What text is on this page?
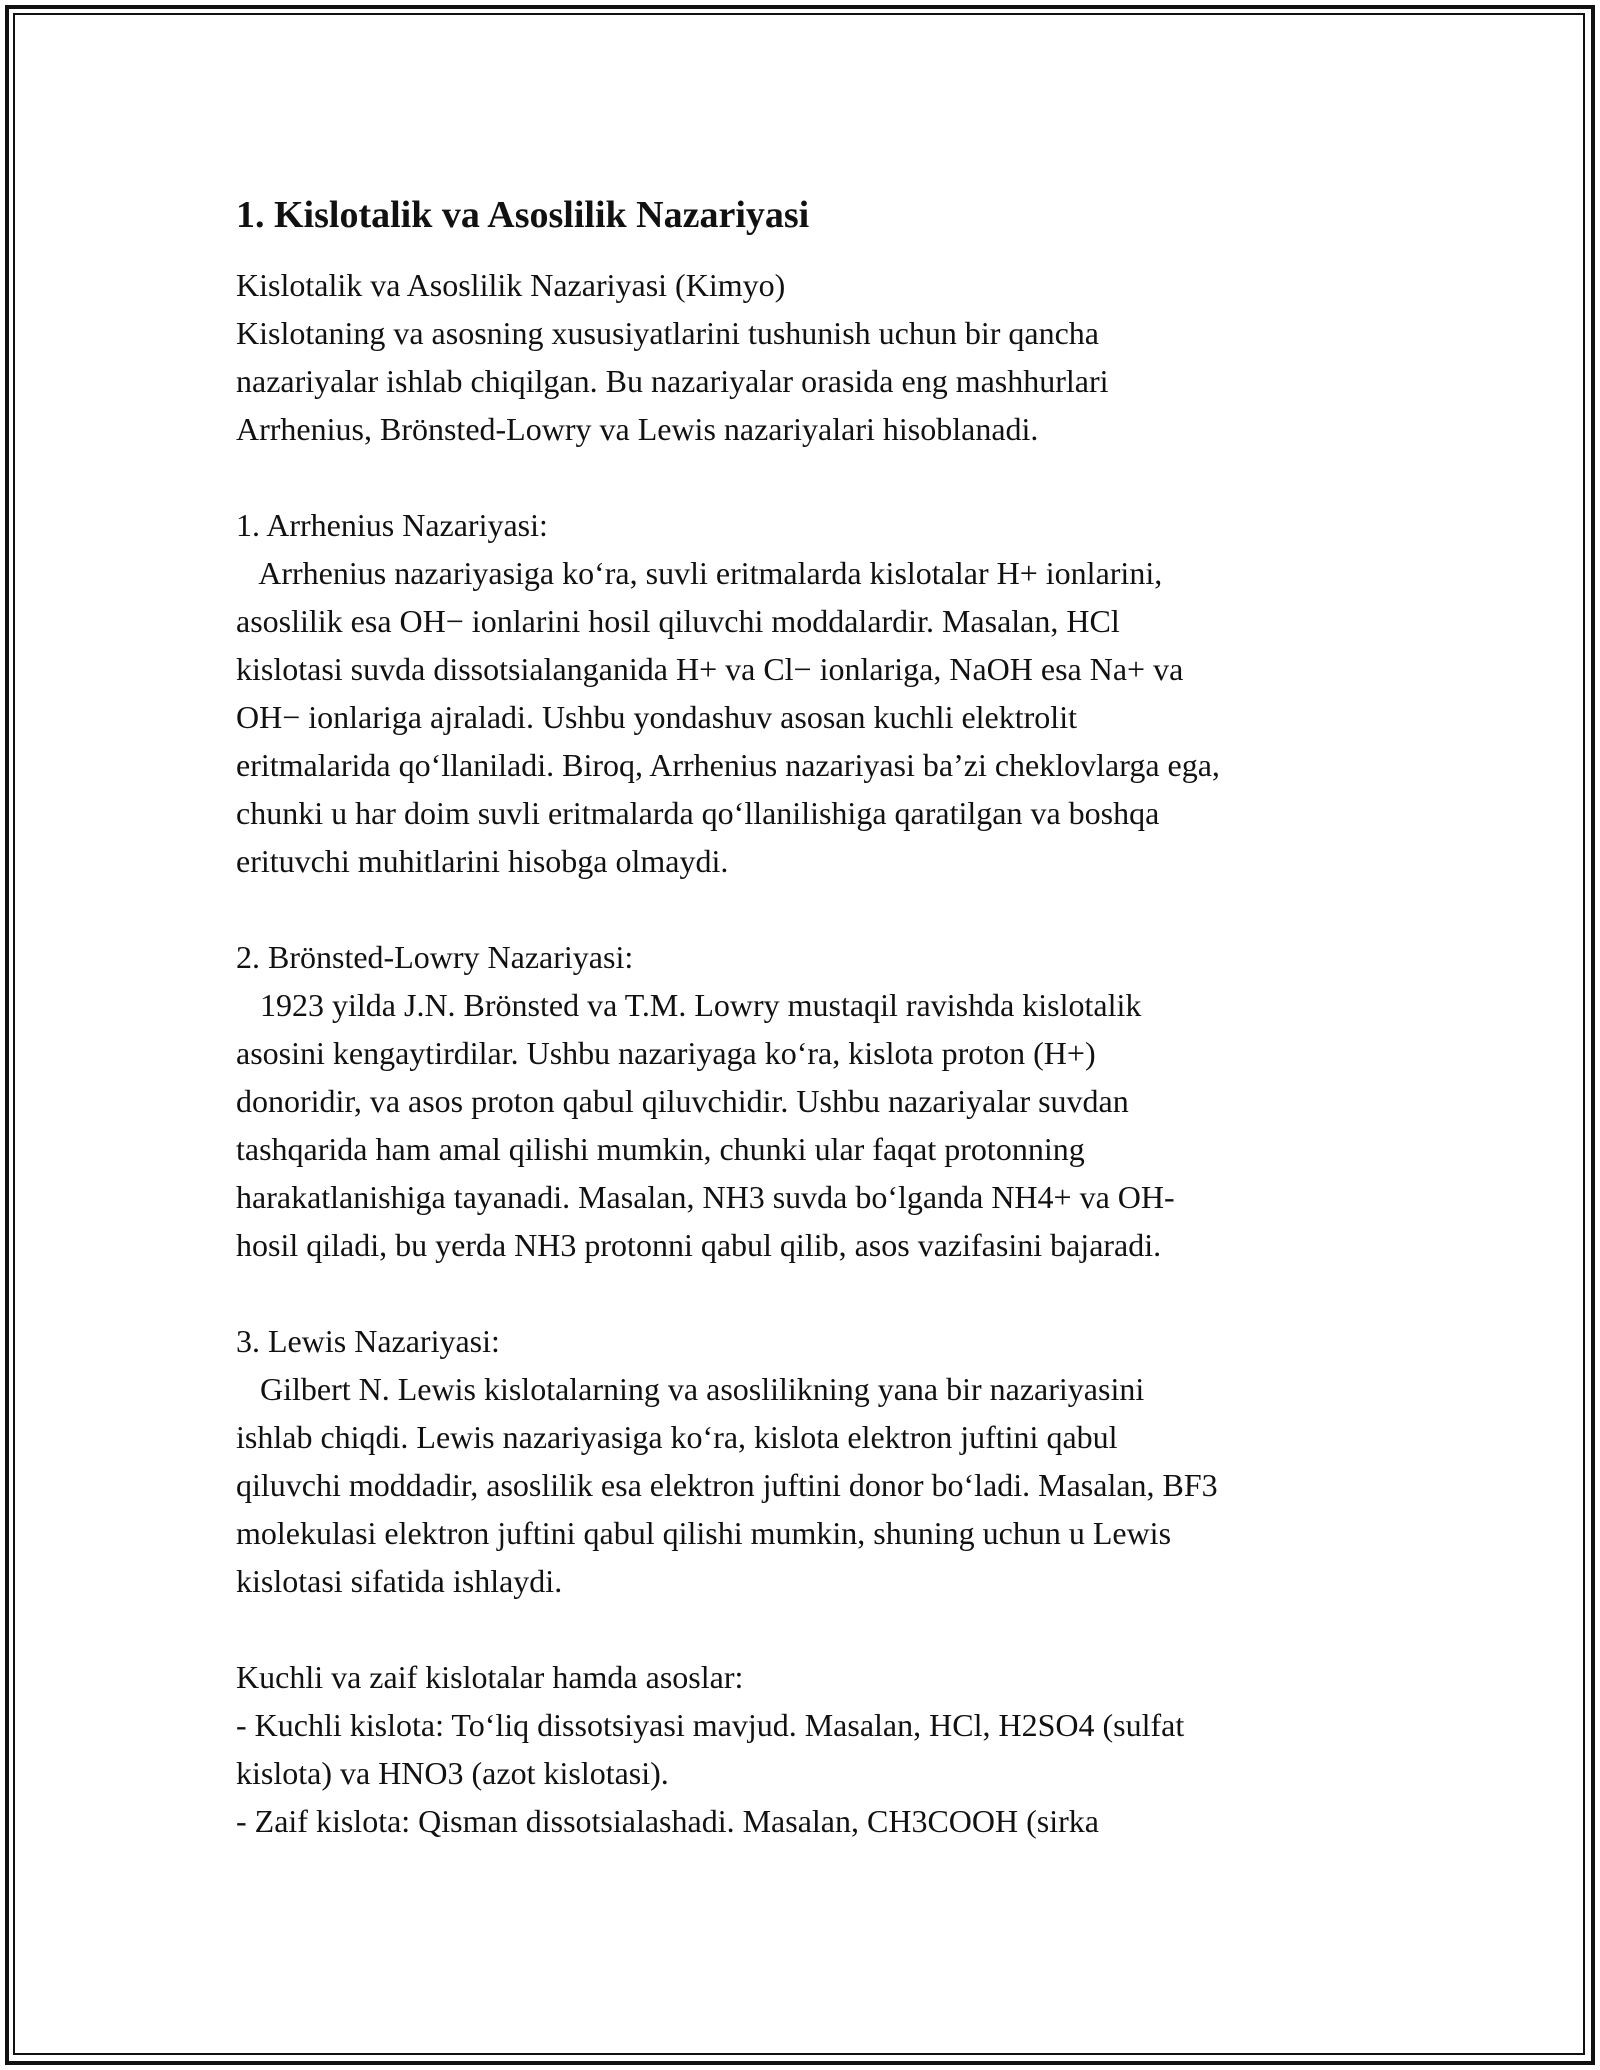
1. Kislotalik va Asoslilik Nazariyasi
Kislotalik va Asoslilik Nazariyasi (Kimyo)
Kislotaning va asosning xususiyatlarini tushunish uchun bir qancha
nazariyalar ishlab chiqilgan. Bu nazariyalar orasida eng mashhurlari
Arrhenius, Brönsted-Lowry va Lewis nazariyalari hisoblanadi.
1. Arrhenius Nazariyasi:
Arrhenius nazariyasiga ko‘ra, suvli eritmalarda kislotalar H+ ionlarini,
asoslilik esa OH− ionlarini hosil qiluvchi moddalardir. Masalan, HCl
kislotasi suvda dissotsialanganida H+ va Cl− ionlariga, NaOH esa Na+ va
OH− ionlariga ajraladi. Ushbu yondashuv asosan kuchli elektrolit
eritmalarida qo‘llaniladi. Biroq, Arrhenius nazariyasi ba’zi cheklovlarga ega,
chunki u har doim suvli eritmalarda qo‘llanilishiga qaratilgan va boshqa
erituvchi muhitlarini hisobga olmaydi.
2. Brönsted-Lowry Nazariyasi:
1923 yilda J.N. Brönsted va T.M. Lowry mustaqil ravishda kislotalik
asosini kengaytirdilar. Ushbu nazariyaga ko‘ra, kislota proton (H+)
donoridir, va asos proton qabul qiluvchidir. Ushbu nazariyalar suvdan
tashqarida ham amal qilishi mumkin, chunki ular faqat protonning
harakatlanishiga tayanadi. Masalan, NH3 suvda bo‘lganda NH4+ va OH-
hosil qiladi, bu yerda NH3 protonni qabul qilib, asos vazifasini bajaradi.
3. Lewis Nazariyasi:
Gilbert N. Lewis kislotalarning va asoslilikning yana bir nazariyasini
ishlab chiqdi. Lewis nazariyasiga ko‘ra, kislota elektron juftini qabul
qiluvchi moddadir, asoslilik esa elektron juftini donor bo‘ladi. Masalan, BF3
molekulasi elektron juftini qabul qilishi mumkin, shuning uchun u Lewis
kislotasi sifatida ishlaydi.
Kuchli va zaif kislotalar hamda asoslar:
- Kuchli kislota: To‘liq dissotsiyasi mavjud. Masalan, HCl, H2SO4 (sulfat
kislota) va HNO3 (azot kislotasi).
- Zaif kislota: Qisman dissotsialashadi. Masalan, CH3COOH (sirka
